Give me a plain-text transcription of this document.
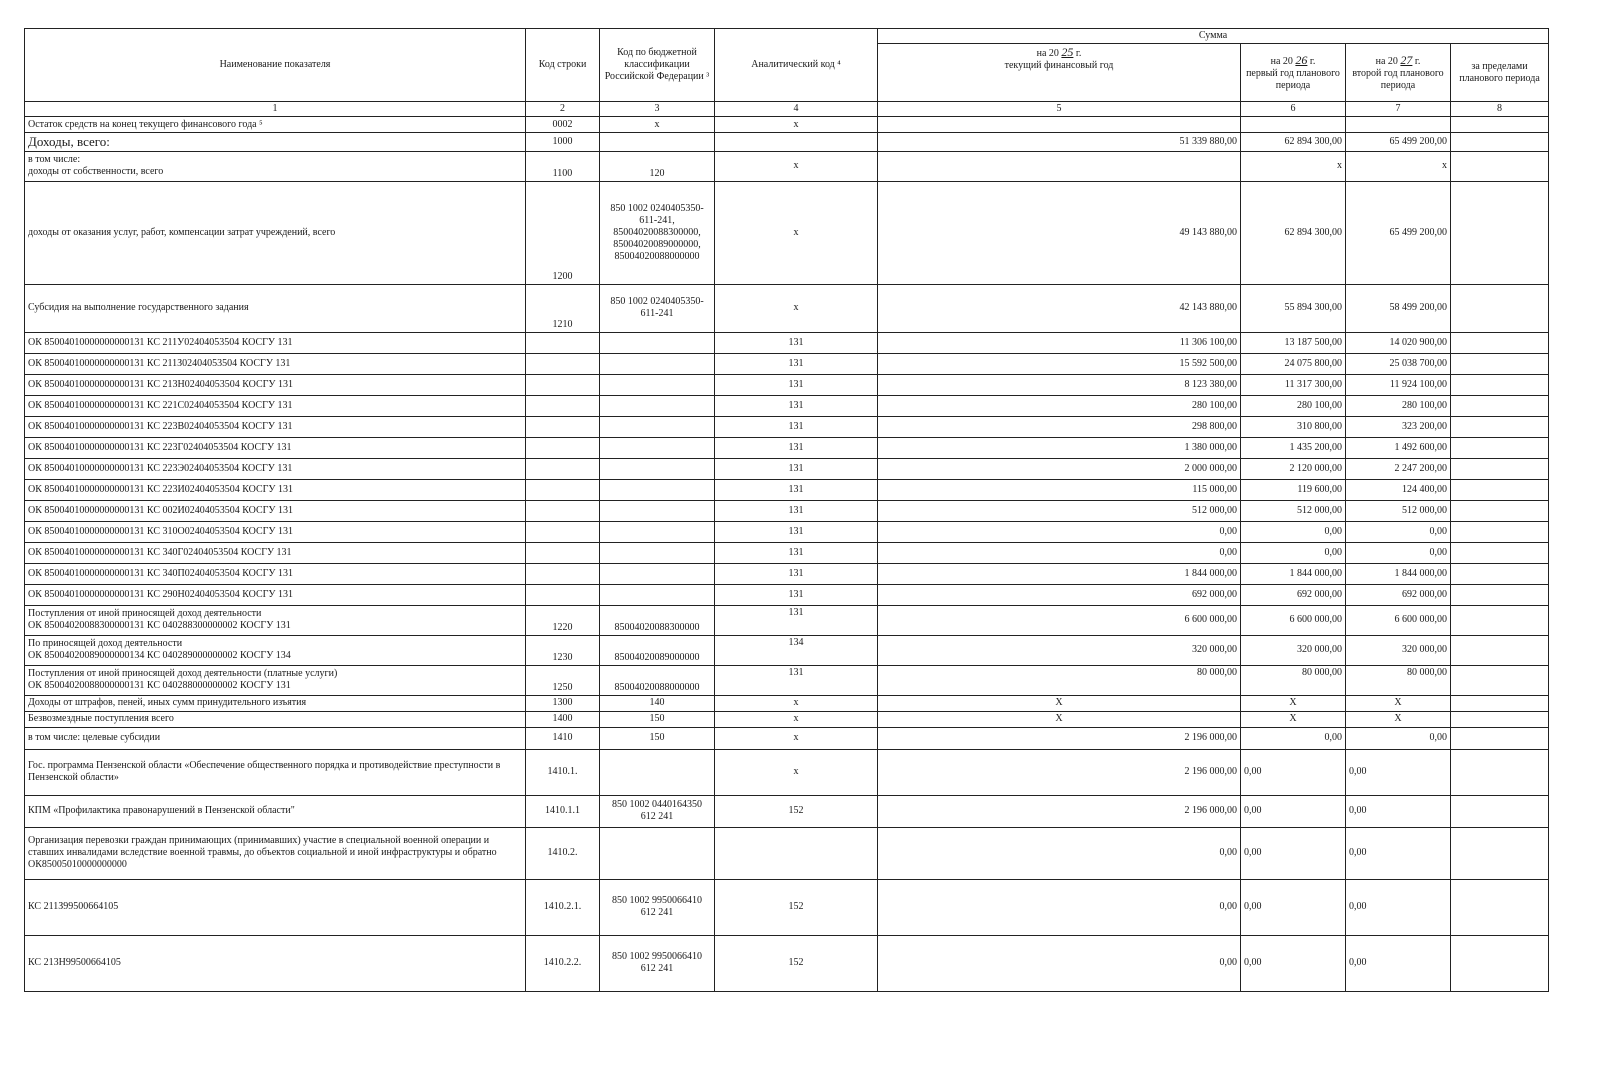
Наименование показателя	Код строки	Код по бюджетной классификации Российской Федерации ³	Аналитический код ⁴	Сумма			
				на 20 25 г.
текущий финансовый год	на 20 26 г.
первый год планового периода	на 20 27 г.
второй год планового периода	за пределами планового периода
1	2	3	4	5	6	7	8
Остаток средств на конец текущего финансового года ⁵	0002	х	х				
Доходы, всего:	1000			51 339 880,00	62 894 300,00	65 499 200,00	
в том числе:
доходы от собственности, всего	1100	120	х		х	х	
доходы от оказания услуг, работ, компенсации затрат учреждений, всего	1200	850 1002 0240405350-611-241,
85004020088300000,
85004020089000000,
85004020088000000	х	49 143 880,00	62 894 300,00	65 499 200,00	
Субсидия на выполнение государственного задания	1210	850 1002 0240405350-611-241	х	42 143 880,00	55 894 300,00	58 499 200,00	
ОК 85004010000000000131 КС 211У02404053504 КОСГУ 131			131	11 306 100,00	13 187 500,00	14 020 900,00	
ОК 85004010000000000131 КС 211З02404053504 КОСГУ 131			131	15 592 500,00	24 075 800,00	25 038 700,00	
ОК 85004010000000000131 КС 213Н02404053504 КОСГУ 131			131	8 123 380,00	11 317 300,00	11 924 100,00	
ОК 85004010000000000131 КС 221С02404053504 КОСГУ 131			131	280 100,00	280 100,00	280 100,00	
ОК 85004010000000000131 КС 223В02404053504 КОСГУ 131			131	298 800,00	310 800,00	323 200,00	
ОК 85004010000000000131 КС 223Г02404053504 КОСГУ 131			131	1 380 000,00	1 435 200,00	1 492 600,00	
ОК 85004010000000000131 КС 223Э02404053504 КОСГУ 131			131	2 000 000,00	2 120 000,00	2 247 200,00	
ОК 85004010000000000131 КС 223И02404053504 КОСГУ 131			131	115 000,00	119 600,00	124 400,00	
ОК 85004010000000000131 КС 002И02404053504 КОСГУ 131			131	512 000,00	512 000,00	512 000,00	
ОК 85004010000000000131 КС 310О02404053504 КОСГУ 131			131	0,00	0,00	0,00	
ОК 85004010000000000131 КС 340Г02404053504 КОСГУ 131			131	0,00	0,00	0,00	
ОК 85004010000000000131 КС 340П02404053504 КОСГУ 131			131	1 844 000,00	1 844 000,00	1 844 000,00	
ОК 85004010000000000131 КС 290Н02404053504 КОСГУ 131			131	692 000,00	692 000,00	692 000,00	
Поступления от иной приносящей доход деятельности
ОК 85004020088300000131 КС 040288300000002 КОСГУ 131	1220	85004020088300000	131	6 600 000,00	6 600 000,00	6 600 000,00	
По приносящей доход деятельности
ОК 85004020089000000134 КС 040289000000002 КОСГУ 134	1230	85004020089000000	134	320 000,00	320 000,00	320 000,00	
Поступления от иной приносящей доход деятельности (платные услуги)
ОК 85004020088000000131 КС 040288000000002 КОСГУ 131	1250	85004020088000000	131	80 000,00	80 000,00	80 000,00	
Доходы от штрафов, пеней, иных сумм принудительного изъятия	1300	140	х	X	X	X	
Безвозмездные поступления всего	1400	150	х	X	X	X	
в том числе: целевые субсидии	1410	150	х	2 196 000,00	0,00	0,00	
Гос. программа Пензенской области «Обеспечение общественного порядка и противодействие преступности в Пензенской области»	1410.1.		х	2 196 000,00	0,00	0,00	
КПМ «Профилактика правонарушений в Пензенской области"	1410.1.1	850 1002 0440164350
612 241	152	2 196 000,00	0,00	0,00	
Организация перевозки граждан принимающих (принимавших) участие в специальной военной операции и ставших инвалидами вследствие военной травмы, до объектов социальной и иной инфраструктуры и обратно ОК85005010000000000	1410.2.			0,00	0,00	0,00	
КС 211З99500664105	1410.2.1.	850 1002 9950066410
612 241	152	0,00	0,00	0,00	
КС 213Н99500664105	1410.2.2.	850 1002 9950066410
612 241	152	0,00	0,00	0,00	
